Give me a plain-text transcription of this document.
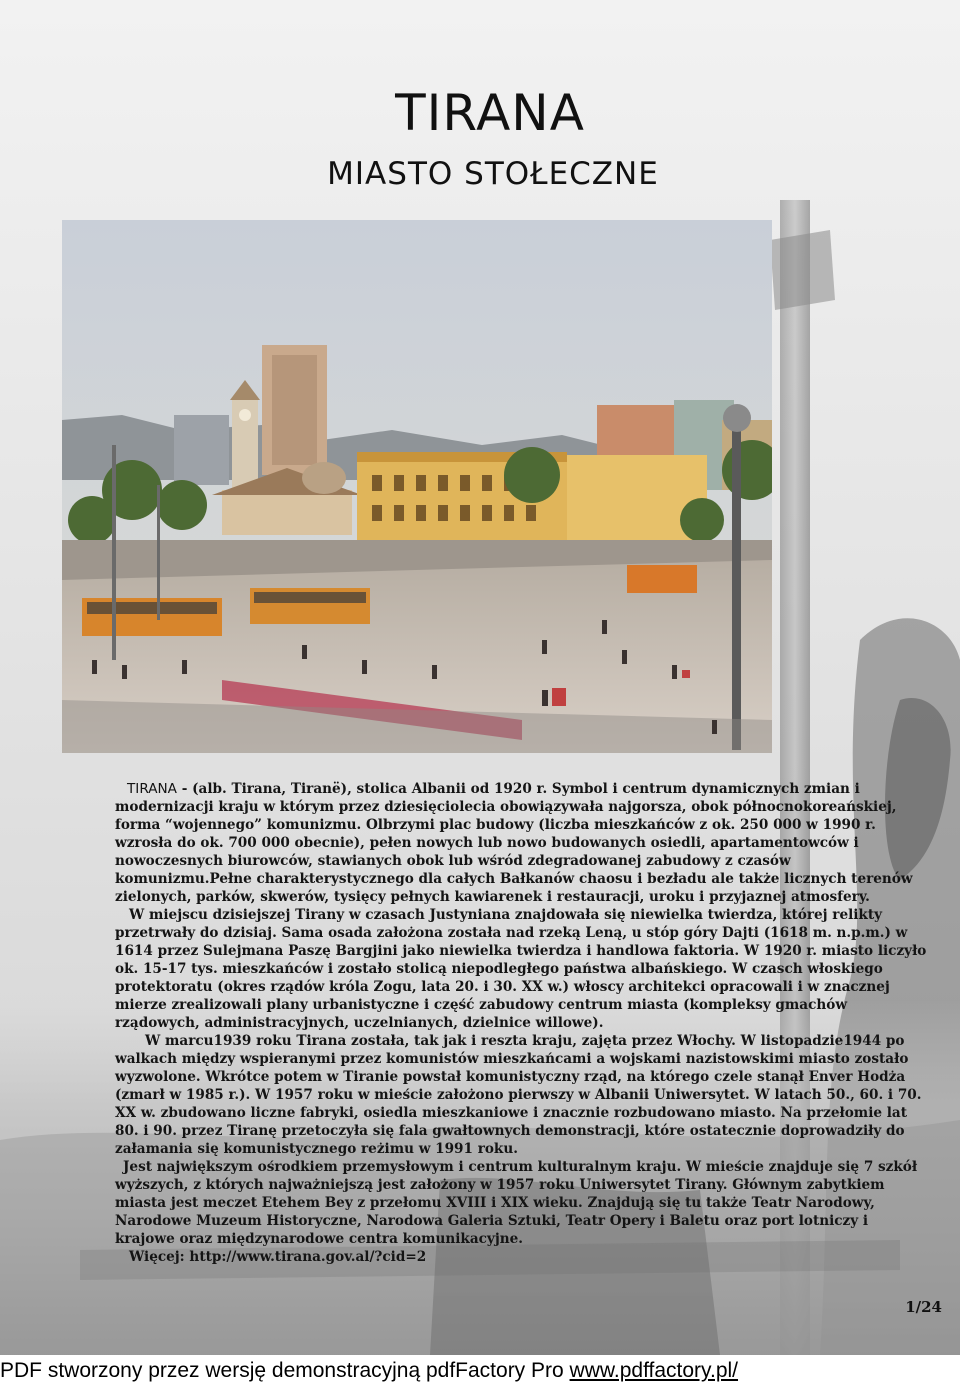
TIRANA
MIASTO STOŁECZNE

TIRANA - (alb. Tirana, Tiranë), stolica Albanii od 1920 r. Symbol i centrum dynamicznych zmian i modernizacji kraju w którym przez dziesięciolecia obowiązywała najgorsza, obok północnokoreańskiej, forma “wojennego” komunizmu. Olbrzymi plac budowy (liczba mieszkańców z ok. 250 000 w 1990 r. wzrosła do ok. 700 000 obecnie), pełen nowych lub nowo budowanych osiedli, apartamentowców i nowoczesnych biurowców, stawianych obok lub wśród zdegradowanej zabudowy z czasów komunizmu.Pełne charakterystycznego dla całych Bałkanów chaosu i bezładu ale także licznych terenów zielonych, parków, skwerów, tysięcy pełnych kawiarenek i restauracji, uroku i przyjaznej atmosfery.

W miejscu dzisiejszej Tirany w czasach Justyniana znajdowała się niewielka twierdza, której relikty przetrwały do dzisiaj. Sama osada założona została nad rzeką Leną, u stóp góry Dajti (1618 m. n.p.m.) w 1614 przez Sulejmana Paszę Bargjini jako niewielka twierdza i handlowa faktoria. W 1920 r. miasto liczyło ok. 15-17 tys. mieszkańców i zostało stolicą niepodległego państwa albańskiego. W czasch włoskiego protektoratu (okres rządów króla Zogu, lata 20. i 30. XX w.) włoscy architekci opracowali i w znacznej mierze zrealizowali plany urbanistyczne i część zabudowy centrum miasta (kompleksy gmachów rządowych, administracyjnych, uczelnianych, dzielnice willowe).

W marcu1939 roku Tirana została, tak jak i reszta kraju, zajęta przez Włochy. W listopadzie1944 po walkach między wspieranymi przez komunistów mieszkańcami a wojskami nazistowskimi miasto zostało wyzwolone. Wkrótce potem w Tiranie powstał komunistyczny rząd, na którego czele stanął Enver Hodża (zmarł w 1985 r.). W 1957 roku w mieście założono pierwszy w Albanii Uniwersytet. W latach 50., 60. i 70. XX w. zbudowano liczne fabryki, osiedla mieszkaniowe i znacznie rozbudowano miasto. Na przełomie lat 80. i 90. przez Tiranę przetoczyła się fala gwałtownych demonstracji, które ostatecznie doprowadziły do załamania się komunistycznego reżimu w 1991 roku.

Jest największym ośrodkiem przemysłowym i centrum kulturalnym kraju. W mieście znajduje się 7 szkół wyższych, z których najważniejszą jest założony w 1957 roku Uniwersytet Tirany. Głównym zabytkiem miasta jest meczet Etehem Bey z przełomu XVIII i XIX wieku. Znajdują się tu także Teatr Narodowy, Narodowe Muzeum Historyczne, Narodowa Galeria Sztuki, Teatr Opery i Baletu oraz port lotniczy i krajowe oraz międzynarodowe centra komunikacyjne.

Więcej: http://www.tirana.gov.al/?cid=2

1/24
PDF stworzony przez wersję demonstracyjną pdfFactory Pro www.pdffactory.pl/
